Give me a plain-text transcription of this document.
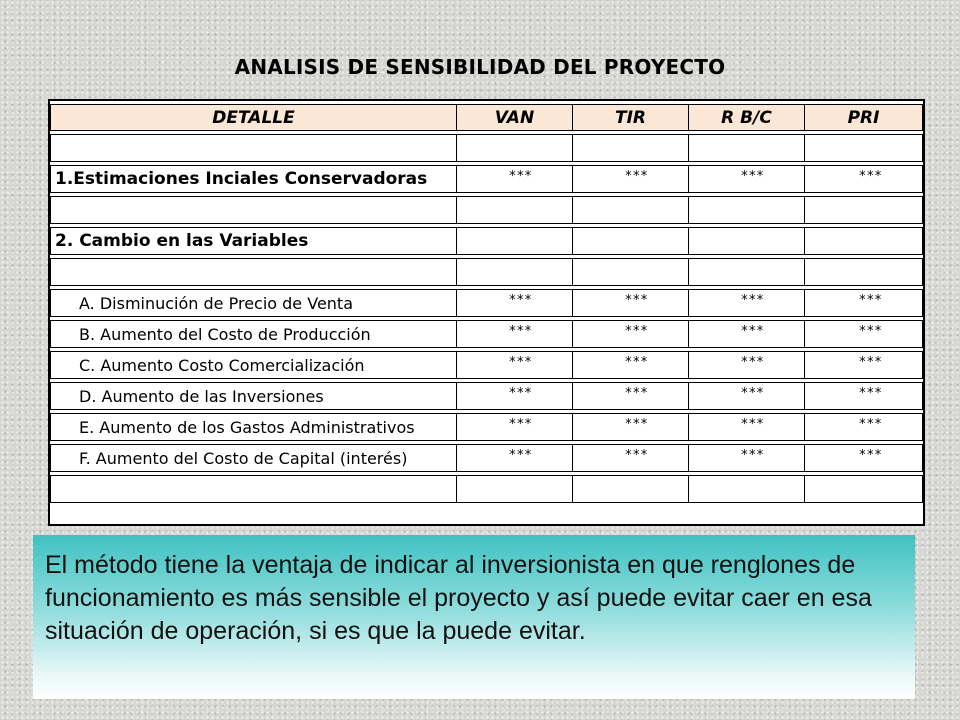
ANALISIS DE SENSIBILIDAD DEL PROYECTO

DETALLE	VAN	TIR	R B/C	PRI

1.Estimaciones Inciales Conservadoras	***	***	***	***

2. Cambio en las Variables				

A. Disminución de Precio de Venta	***	***	***	***

B. Aumento del Costo de Producción	***	***	***	***

C. Aumento Costo Comercialización	***	***	***	***

D. Aumento de las Inversiones	***	***	***	***

E. Aumento de los Gastos Administrativos	***	***	***	***

F. Aumento del Costo de Capital (interés)	***	***	***	***

El método tiene la ventaja de indicar al inversionista en que renglones de funcionamiento es más sensible el proyecto y así puede evitar caer en esa situación de operación, si es que la puede evitar.
